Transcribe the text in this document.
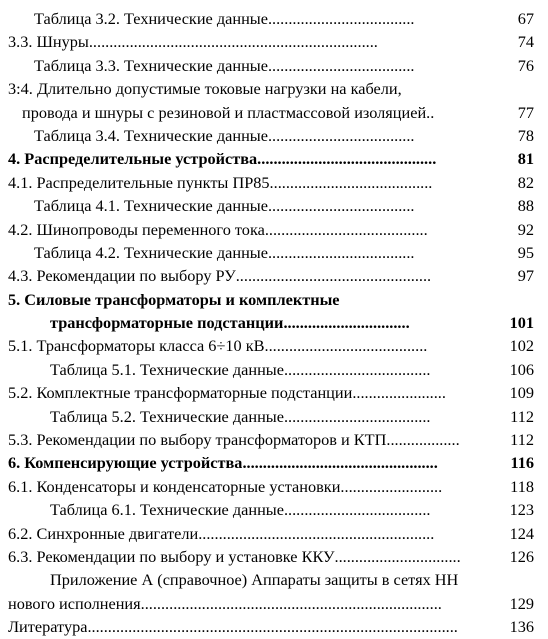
Таблица 3.2. Технические данные ....................................	67
3.3. Шнуры .......................................................................	74
Таблица 3.3. Технические данные ....................................	76
3:4. Длительно допустимые токовые нагрузки на кабели,
провода и шнуры с резиновой и пластмассовой изоляцией ..	77
Таблица 3.4. Технические данные ....................................	78
4. Распределительные устройства ............................................	81
4.1. Распределительные пункты ПР85 ........................................	82
Таблица 4.1. Технические данные ....................................	88
4.2. Шинопроводы переменного тока ........................................	92
Таблица 4.2. Технические данные ....................................	95
4.3. Рекомендации по выбору РУ ................................................	97
5. Силовые трансформаторы и комплектные
трансформаторные подстанции ...............................	101
5.1. Трансформаторы класса 6÷10 кВ ........................................	102
Таблица 5.1. Технические данные ....................................	106
5.2. Комплектные трансформаторные подстанции .......................	109
Таблица 5.2. Технические данные ....................................	112
5.3. Рекомендации по выбору трансформаторов и КТП ..................	112
6. Компенсирующие устройства ................................................	116
6.1. Конденсаторы и конденсаторные установки .........................	118
Таблица 6.1. Технические данные ....................................	123
6.2. Синхронные двигатели ..........................................................	124
6.3. Рекомендации по выбору и установке ККУ ...............................	126
Приложение А (справочное) Аппараты защиты в сетях НН
нового исполнения ..........................................................................	129
Литература ...........................................................................................	136
